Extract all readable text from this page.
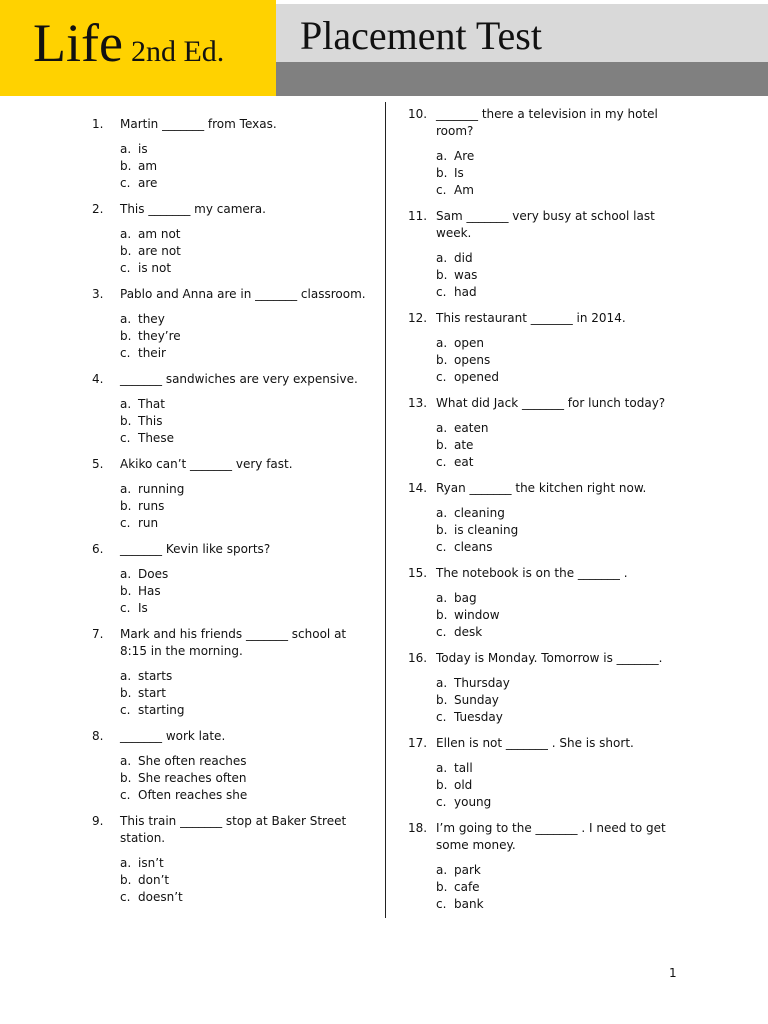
Life 2nd Ed. Placement Test
1.	Martin _______ from Texas.
a. is
b. am
c. are
2.	This _______ my camera.
a. am not
b. are not
c. is not
3.	Pablo and Anna are in _______ classroom.
a. they
b. they’re
c. their
4.	_______ sandwiches are very expensive.
a. That
b. This
c. These
5.	Akiko can’t _______ very fast.
a. running
b. runs
c. run
6.	_______ Kevin like sports?
a. Does
b. Has
c. Is
7.	Mark and his friends _______ school at 8:15 in the morning.
a. starts
b. start
c. starting
8.	_______ work late.
a. She often reaches
b. She reaches often
c. Often reaches she
9.	This train _______ stop at Baker Street station.
a. isn’t
b. don’t
c. doesn’t
10. _______ there a television in my hotel room?
a. Are
b. Is
c. Am
11. Sam _______ very busy at school last week.
a. did
b. was
c. had
12. This restaurant _______ in 2014.
a. open
b. opens
c. opened
13. What did Jack _______ for lunch today?
a. eaten
b. ate
c. eat
14. Ryan _______ the kitchen right now.
a. cleaning
b. is cleaning
c. cleans
15. The notebook is on the _______ .
a. bag
b. window
c. desk
16. Today is Monday. Tomorrow is _______.
a. Thursday
b. Sunday
c. Tuesday
17. Ellen is not _______ . She is short.
a. tall
b. old
c. young
18. I’m going to the _______ . I need to get some money.
a. park
b. cafe
c. bank
1
